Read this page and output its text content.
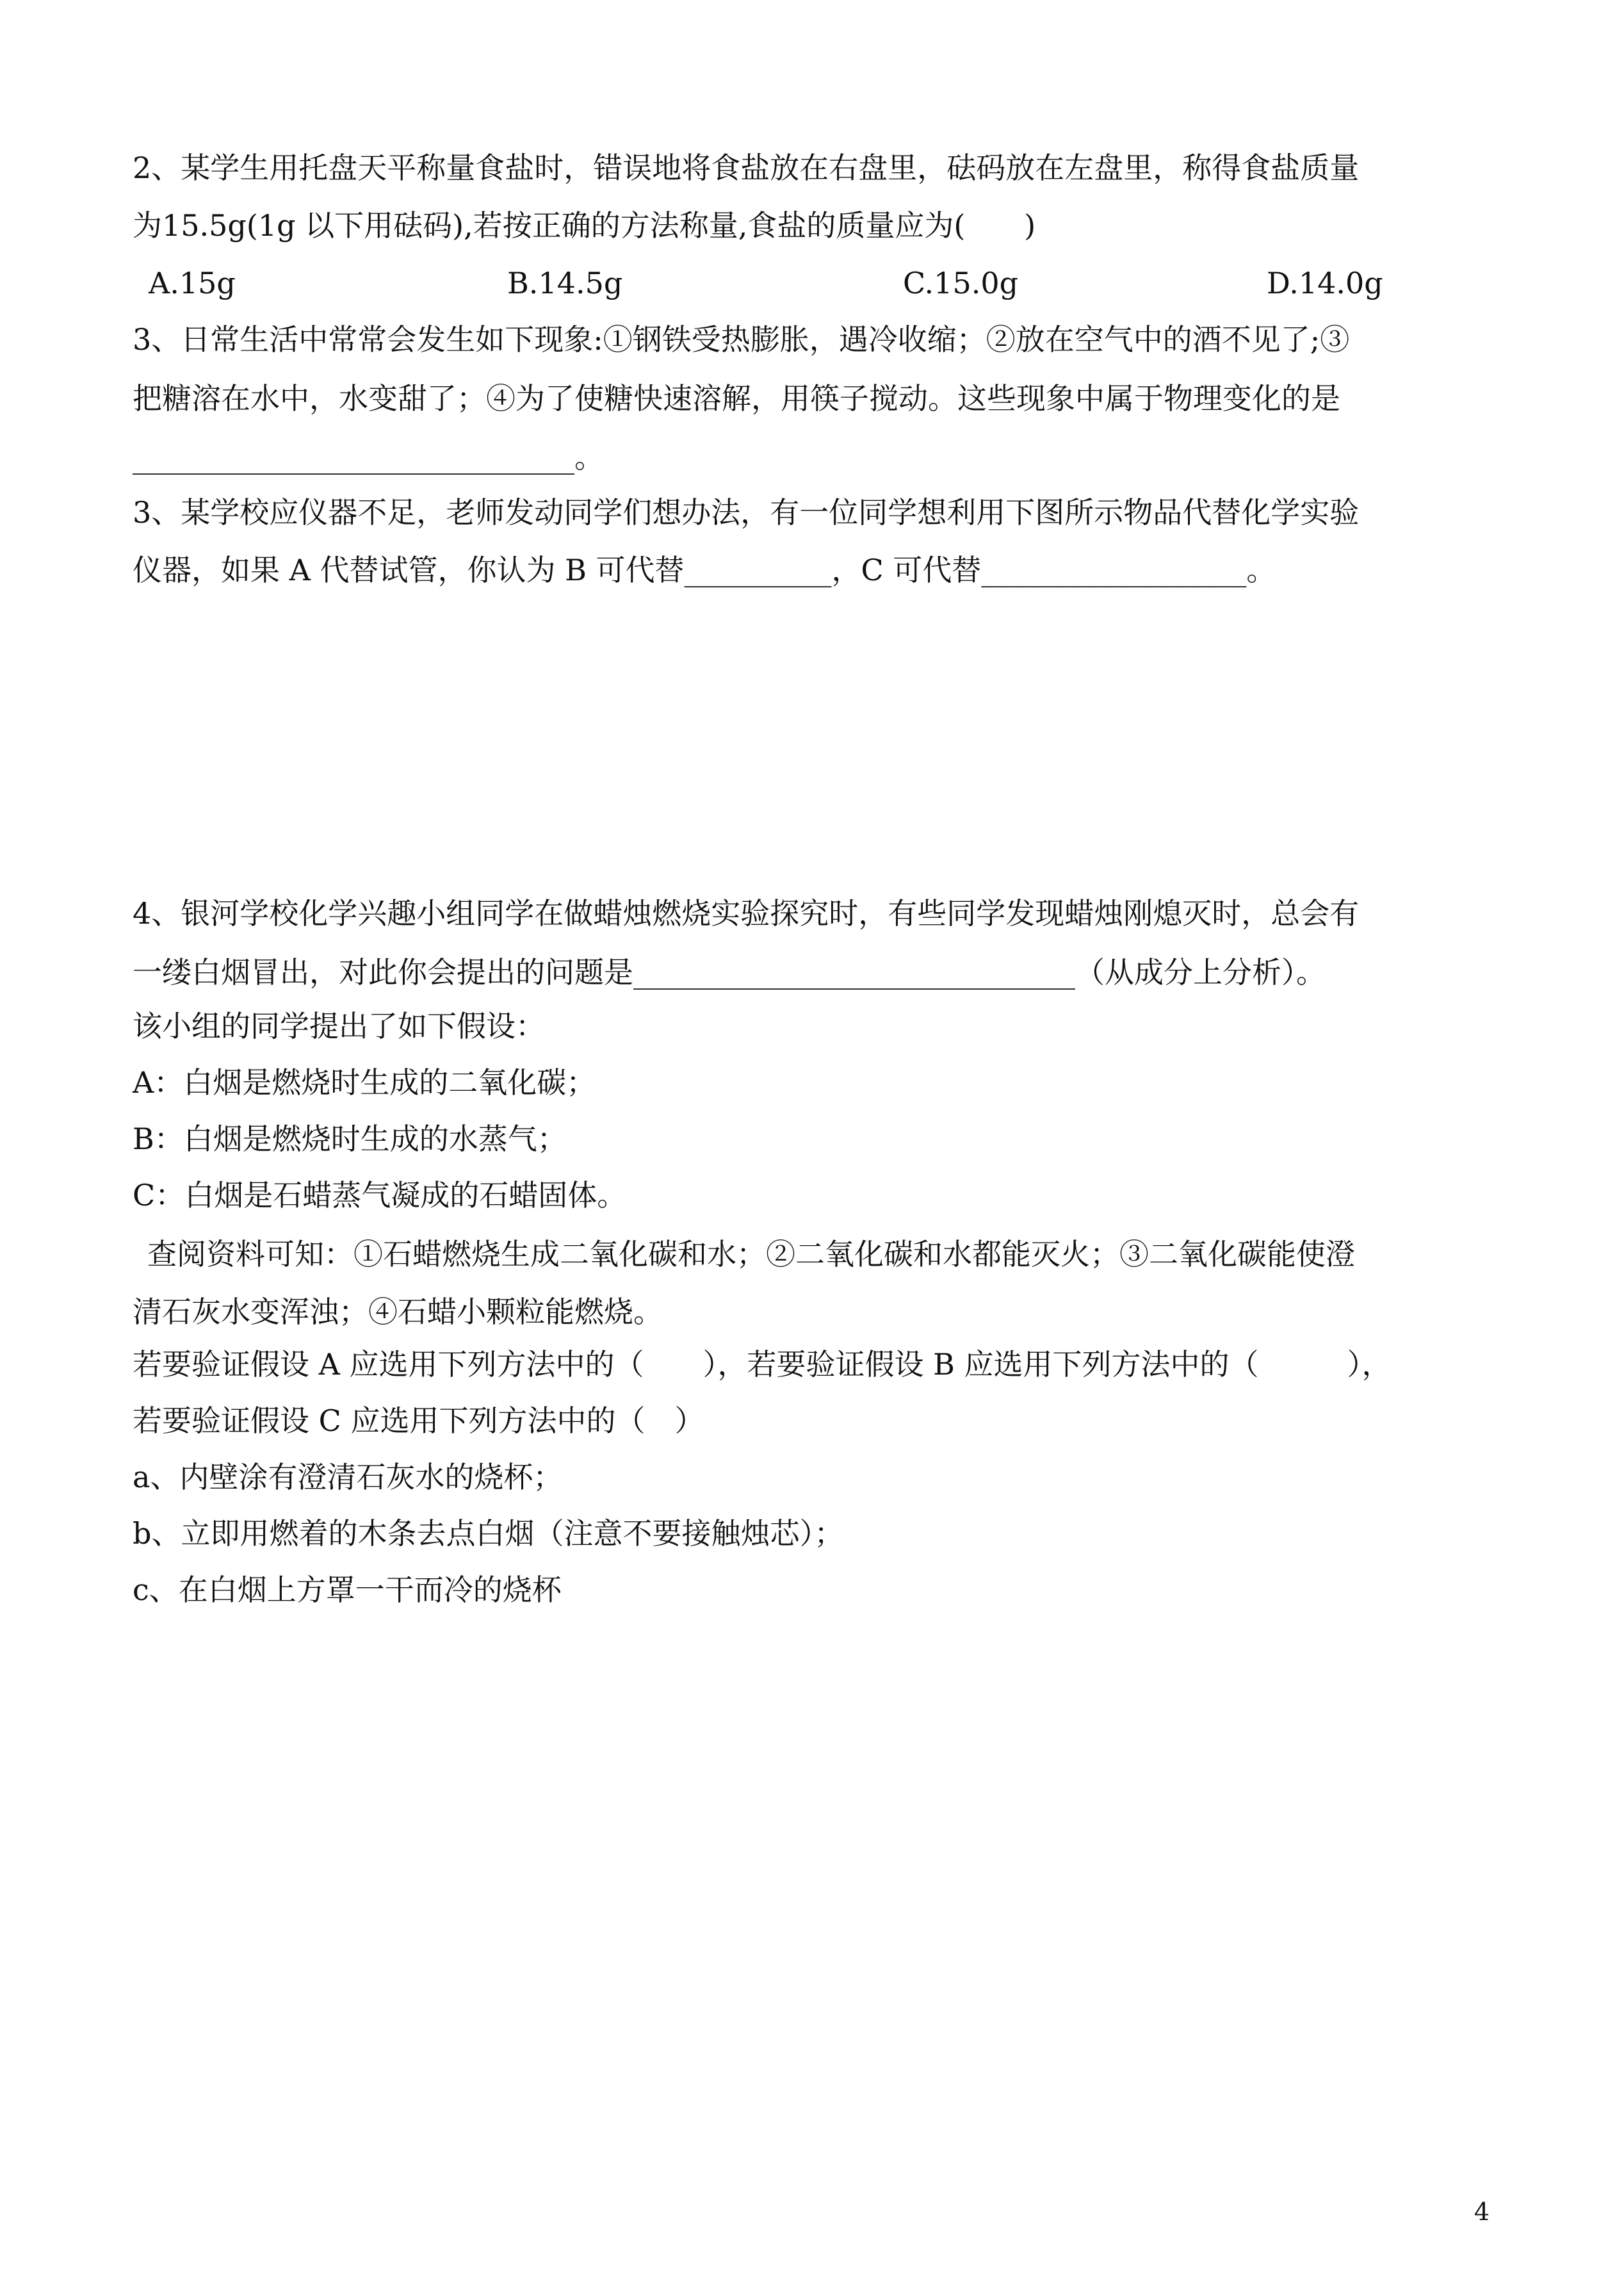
2、某学生用托盘天平称量食盐时，错误地将食盐放在右盘里，砝码放在左盘里，称得食盐质量
为15.5g(1g 以下用砝码),若按正确的方法称量,食盐的质量应为(　　)
A.15g	B.14.5g	C.15.0g	D.14.0g
3、日常生活中常常会发生如下现象:①钢铁受热膨胀，遇冷收缩；②放在空气中的酒不见了;③
把糖溶在水中，水变甜了；④为了使糖快速溶解，用筷子搅动。这些现象中属于物理变化的是
______________________________。
3、某学校应仪器不足，老师发动同学们想办法，有一位同学想利用下图所示物品代替化学实验
仪器，如果 A 代替试管，你认为 B 可代替__________，C 可代替__________________。
4、银河学校化学兴趣小组同学在做蜡烛燃烧实验探究时，有些同学发现蜡烛刚熄灭时，总会有
一缕白烟冒出，对此你会提出的问题是______________________________（从成分上分析）。
该小组的同学提出了如下假设：
A：白烟是燃烧时生成的二氧化碳；
B：白烟是燃烧时生成的水蒸气；
C：白烟是石蜡蒸气凝成的石蜡固体。
查阅资料可知：①石蜡燃烧生成二氧化碳和水；②二氧化碳和水都能灭火；③二氧化碳能使澄
清石灰水变浑浊；④石蜡小颗粒能燃烧。
若要验证假设 A 应选用下列方法中的（　　），若要验证假设 B 应选用下列方法中的（　　　），
若要验证假设 C 应选用下列方法中的（　）
a、内壁涂有澄清石灰水的烧杯；
b、立即用燃着的木条去点白烟（注意不要接触烛芯）；
c、在白烟上方罩一干而冷的烧杯
4
